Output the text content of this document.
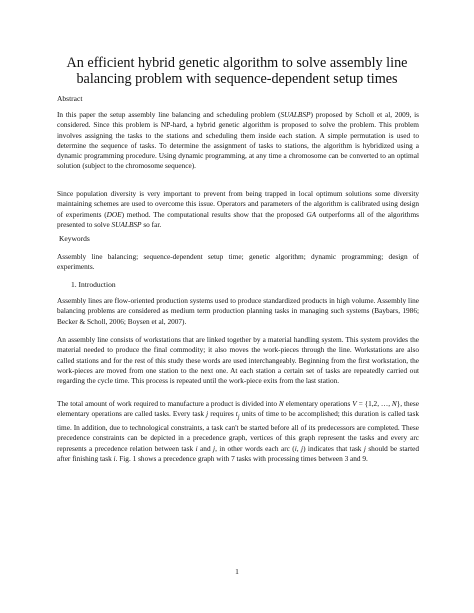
An efficient hybrid genetic algorithm to solve assembly line balancing problem with sequence-dependent setup times
Abstract

In this paper the setup assembly line balancing and scheduling problem (SUALBSP) proposed by Scholl et al, 2009, is considered. Since this problem is NP-hard, a hybrid genetic algorithm is proposed to solve the problem. This problem involves assigning the tasks to the stations and scheduling them inside each station. A simple permutation is used to determine the sequence of tasks. To determine the assignment of tasks to stations, the algorithm is hybridized using a dynamic programming procedure. Using dynamic programming, at any time a chromosome can be converted to an optimal solution (subject to the chromosome sequence).

Since population diversity is very important to prevent from being trapped in local optimum solutions some diversity maintaining schemes are used to overcome this issue. Operators and parameters of the algorithm is calibrated using design of experiments (DOE) method. The computational results show that the proposed GA outperforms all of the algorithms presented to solve SUALBSP so far.

Keywords

Assembly line balancing; sequence-dependent setup time; genetic algorithm; dynamic programming; design of experiments.

1. Introduction

Assembly lines are flow-oriented production systems used to produce standardized products in high volume. Assembly line balancing problems are considered as medium term production planning tasks in managing such systems (Baybars, 1986; Becker & Scholl, 2006; Boysen et al, 2007).

An assembly line consists of workstations that are linked together by a material handling system. This system provides the material needed to produce the final commodity; it also moves the work-pieces through the line. Workstations are also called stations and for the rest of this study these words are used interchangeably. Beginning from the first workstation, the work-pieces are moved from one station to the next one. At each station a certain set of tasks are repeatedly carried out regarding the cycle time. This process is repeated until the work-piece exits from the last station.

The total amount of work required to manufacture a product is divided into N elementary operations V = {1,2, …, N}, these elementary operations are called tasks. Every task j requires $t_j$ units of time to be accomplished; this duration is called task time. In addition, due to technological constraints, a task can't be started before all of its predecessors are completed. These precedence constraints can be depicted in a precedence graph, vertices of this graph represent the tasks and every arc represents a precedence relation between task i and j, in other words each arc (i, j) indicates that task j should be started after finishing task i. Fig. 1 shows a precedence graph with 7 tasks with processing times between 3 and 9.

1
